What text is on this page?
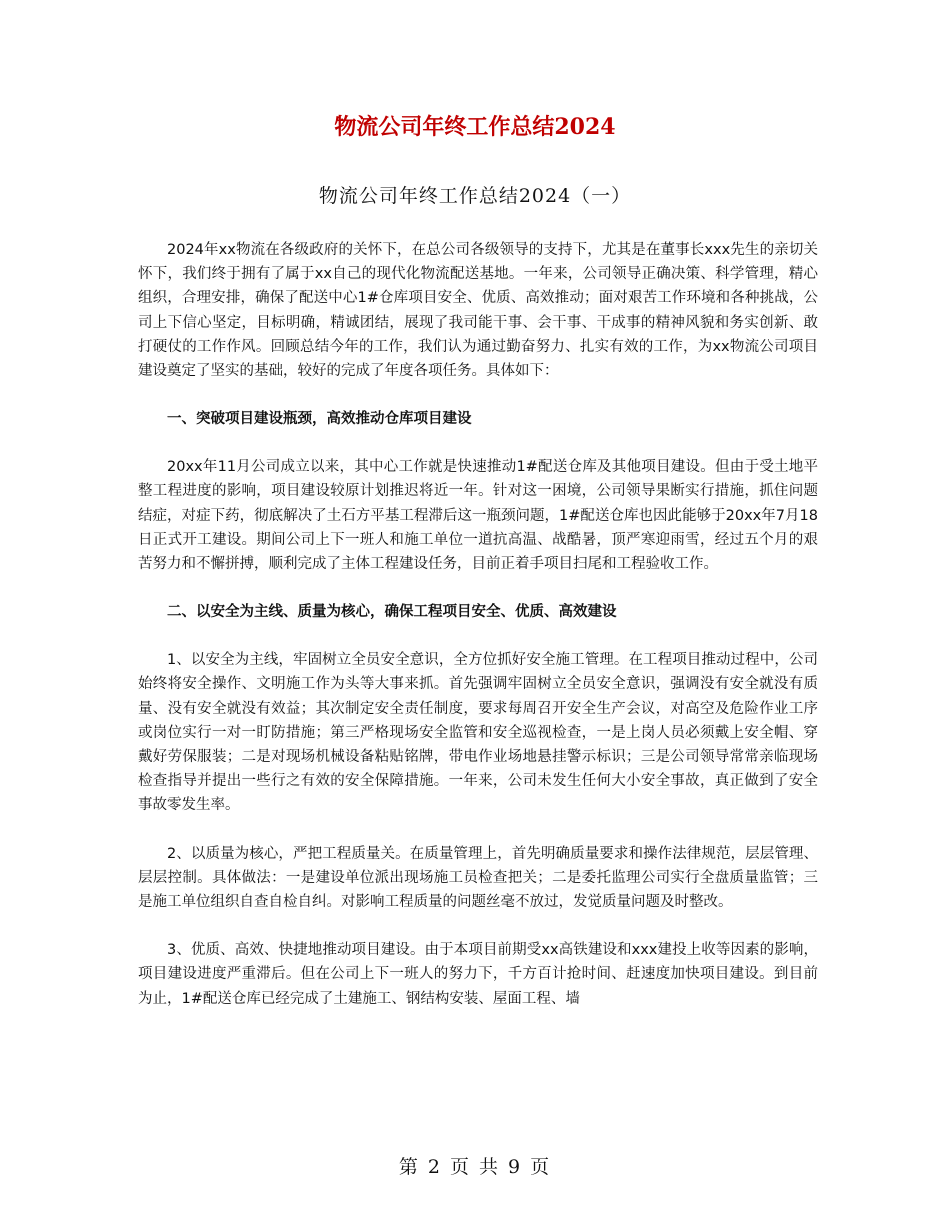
物流公司年终工作总结2024
物流公司年终工作总结2024（一）

2024年xx物流在各级政府的关怀下，在总公司各级领导的支持下，尤其是在董事长xxx先生的亲切关怀下，我们终于拥有了属于xx自己的现代化物流配送基地。一年来，公司领导正确决策、科学管理，精心组织，合理安排，确保了配送中心1#仓库项目安全、优质、高效推动；面对艰苦工作环境和各种挑战，公司上下信心坚定，目标明确，精诚团结，展现了我司能干事、会干事、干成事的精神风貌和务实创新、敢打硬仗的工作作风。回顾总结今年的工作，我们认为通过勤奋努力、扎实有效的工作，为xx物流公司项目建设奠定了坚实的基础，较好的完成了年度各项任务。具体如下：

一、突破项目建设瓶颈，高效推动仓库项目建设

20xx年11月公司成立以来，其中心工作就是快速推动1#配送仓库及其他项目建设。但由于受土地平整工程进度的影响，项目建设较原计划推迟将近一年。针对这一困境，公司领导果断实行措施，抓住问题结症，对症下药，彻底解决了土石方平基工程滞后这一瓶颈问题，1#配送仓库也因此能够于20xx年7月18日正式开工建设。期间公司上下一班人和施工单位一道抗高温、战酷暑，顶严寒迎雨雪，经过五个月的艰苦努力和不懈拼搏，顺利完成了主体工程建设任务，目前正着手项目扫尾和工程验收工作。

二、以安全为主线、质量为核心，确保工程项目安全、优质、高效建设

1、以安全为主线，牢固树立全员安全意识，全方位抓好安全施工管理。在工程项目推动过程中，公司始终将安全操作、文明施工作为头等大事来抓。首先强调牢固树立全员安全意识，强调没有安全就没有质量、没有安全就没有效益；其次制定安全责任制度，要求每周召开安全生产会议，对高空及危险作业工序或岗位实行一对一盯防措施；第三严格现场安全监管和安全巡视检查，一是上岗人员必须戴上安全帽、穿戴好劳保服装；二是对现场机械设备粘贴铭牌，带电作业场地悬挂警示标识；三是公司领导常常亲临现场检查指导并提出一些行之有效的安全保障措施。一年来，公司未发生任何大小安全事故，真正做到了安全事故零发生率。

2、以质量为核心，严把工程质量关。在质量管理上，首先明确质量要求和操作法律规范，层层管理、层层控制。具体做法：一是建设单位派出现场施工员检查把关；二是委托监理公司实行全盘质量监管；三是施工单位组织自查自检自纠。对影响工程质量的问题丝毫不放过，发觉质量问题及时整改。

3、优质、高效、快捷地推动项目建设。由于本项目前期受xx高铁建设和xxx建投上收等因素的影响，项目建设进度严重滞后。但在公司上下一班人的努力下，千方百计抢时间、赶速度加快项目建设。到目前为止，1#配送仓库已经完成了土建施工、钢结构安装、屋面工程、墙

第 2 页 共 9 页
